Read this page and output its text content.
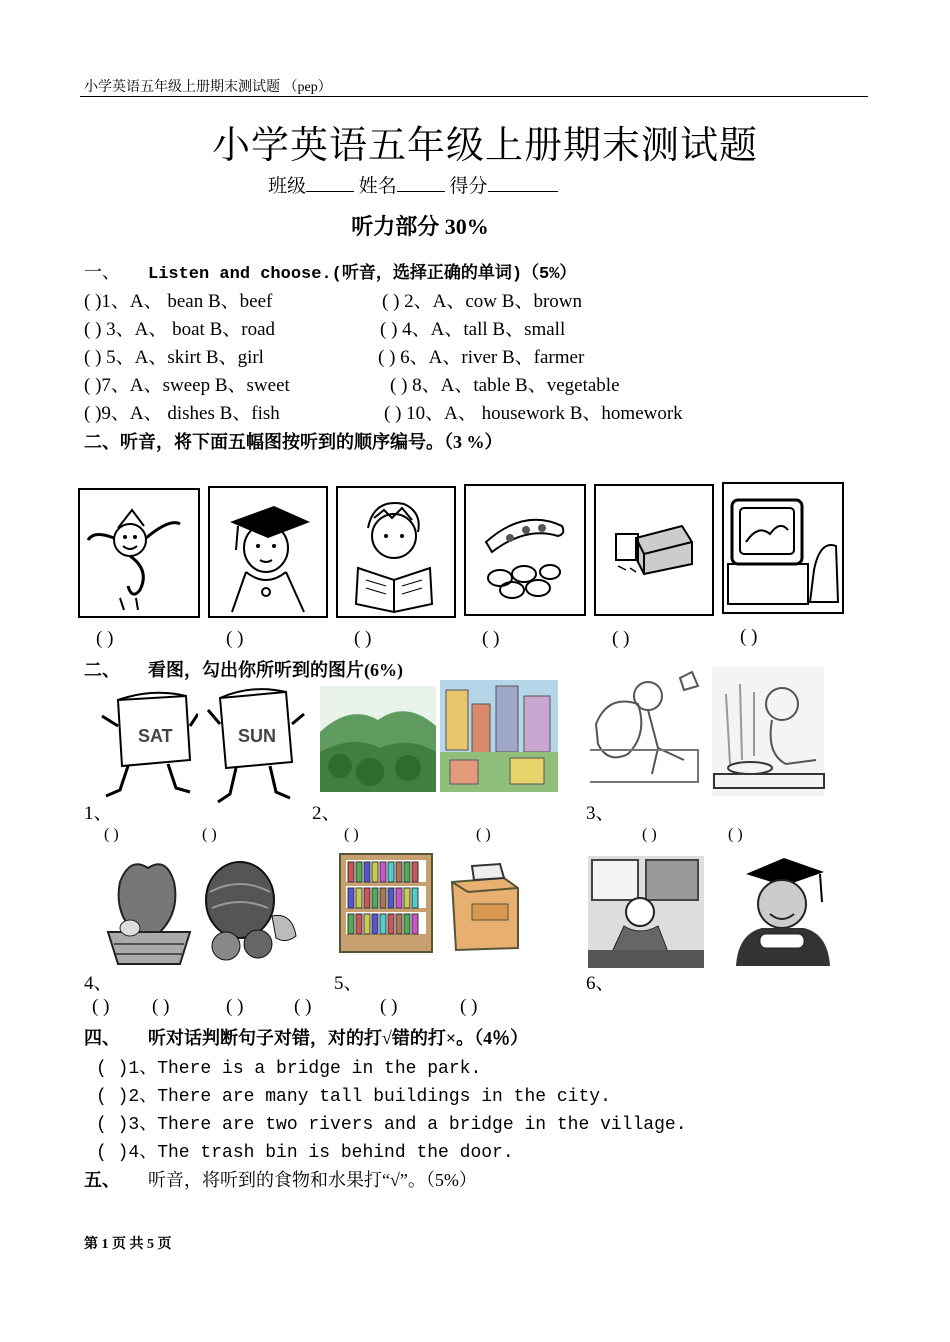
小学英语五年级上册期末测试题 （pep）
小学英语五年级上册期末测试题
班级	姓名	得分
听力部分 30%
一、 Listen and choose.(听音，选择正确的单词)（5%）
( )1、A、 bean B、beef	( ) 2、A、cow B、brown
( ) 3、A、 boat B、road	( ) 4、A、tall B、small
( ) 5、A、skirt B、girl	( ) 6、A、river B、farmer
( )7、A、sweep B、sweet	( ) 8、A、table B、vegetable
( )9、A、 dishes B、fish	( ) 10、A、 housework B、homework
二、听音，将下面五幅图按听到的顺序编号。（3 %）
( )	( )	( )	( )	( )	( )
二、 看图，勾出你所听到的图片(6%)
SAT	SUN
1、	2、	3、
( )	( )	( )	( )	( )	( )
4、	5、	6、
( ) ( )	( )	( )	( )	( )
四、 听对话判断句子对错，对的打√错的打×。（4％）
( )1、There is a bridge in the park.
( )2、There are many tall buildings in the city.
( )3、There are two rivers and a bridge in the village.
( )4、The trash bin is behind the door.
五、 听音，将听到的食物和水果打“√”。（5%）
第 1 页 共 5 页
